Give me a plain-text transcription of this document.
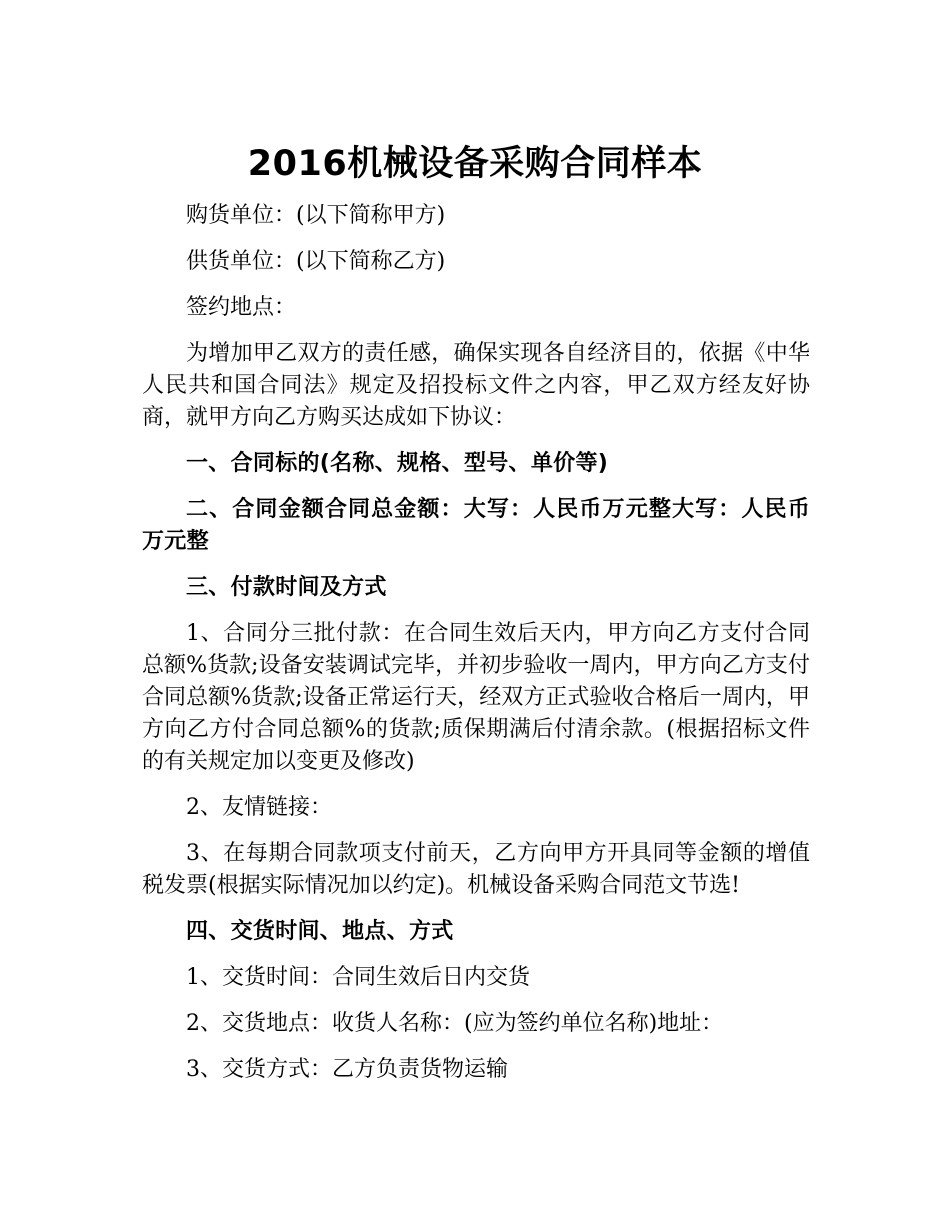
2016机械设备采购合同样本

购货单位：(以下简称甲方)

供货单位：(以下简称乙方)

签约地点：

为增加甲乙双方的责任感，确保实现各自经济目的，依据《中华人民共和国合同法》规定及招投标文件之内容，甲乙双方经友好协商，就甲方向乙方购买达成如下协议：

一、合同标的(名称、规格、型号、单价等)

二、合同金额合同总金额：大写：人民币万元整大写：人民币万元整

三、付款时间及方式

1、合同分三批付款：在合同生效后天内，甲方向乙方支付合同总额%货款;设备安装调试完毕，并初步验收一周内，甲方向乙方支付合同总额%货款;设备正常运行天，经双方正式验收合格后一周内，甲方向乙方付合同总额%的货款;质保期满后付清余款。(根据招标文件的有关规定加以变更及修改)

2、友情链接：

3、在每期合同款项支付前天，乙方向甲方开具同等金额的增值税发票(根据实际情况加以约定)。机械设备采购合同范文节选!

四、交货时间、地点、方式

1、交货时间：合同生效后日内交货

2、交货地点：收货人名称：(应为签约单位名称)地址：

3、交货方式：乙方负责货物运输
